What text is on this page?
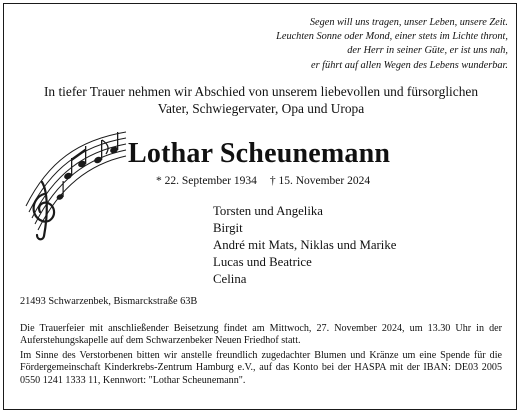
Segen will uns tragen, unser Leben, unsere Zeit.
Leuchten Sonne oder Mond, einer stets im Lichte thront,
der Herr in seiner Güte, er ist uns nah,
er führt auf allen Wegen des Lebens wunderbar.
In tiefer Trauer nehmen wir Abschied von unserem liebevollen und fürsorglichen
Vater, Schwiegervater, Opa und Uropa
Lothar Scheunemann
* 22. September 1934 † 15. November 2024
Torsten und Angelika
Birgit
André mit Mats, Niklas und Marike
Lucas und Beatrice
Celina
21493 Schwarzenbek, Bismarckstraße 63B
Die Trauerfeier mit anschließender Beisetzung findet am Mittwoch, 27. November 2024, um 13.30 Uhr in der Auferstehungskapelle auf dem Schwarzenbeker Neuen Friedhof statt.
Im Sinne des Verstorbenen bitten wir anstelle freundlich zugedachter Blumen und Kränze um eine Spende für die Fördergemeinschaft Kinderkrebs-Zentrum Hamburg e.V., auf das Konto bei der HASPA mit der IBAN: DE03 2005 0550 1241 1333 11, Kennwort: "Lothar Scheunemann".
